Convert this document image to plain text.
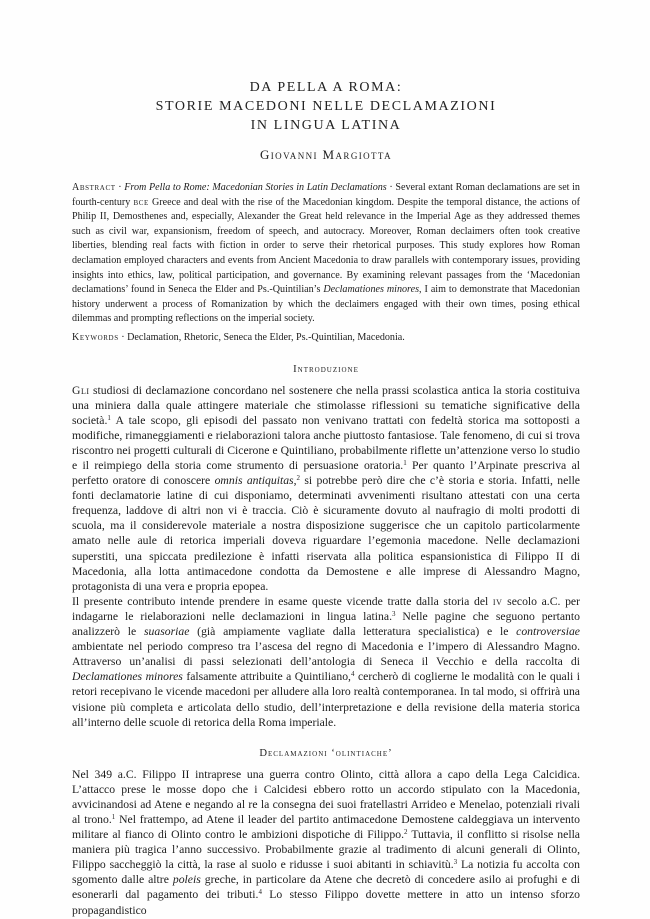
DA PELLA A ROMA:
STORIE MACEDONI NELLE DECLAMAZIONI
IN LINGUA LATINA
Giovanni Margiotta
Abstract · From Pella to Rome: Macedonian Stories in Latin Declamations · Several extant Roman declamations are set in fourth-century bce Greece and deal with the rise of the Macedonian kingdom. Despite the temporal distance, the actions of Philip II, Demosthenes and, especially, Alexander the Great held relevance in the Imperial Age as they addressed themes such as civil war, expansionism, freedom of speech, and autocracy. Moreover, Roman declaimers often took creative liberties, blending real facts with fiction in order to serve their rhetorical purposes. This study explores how Roman declamation employed characters and events from Ancient Macedonia to draw parallels with contemporary issues, providing insights into ethics, law, political participation, and governance. By examining relevant passages from the ‘Macedonian declamations’ found in Seneca the Elder and Ps.-Quintilian’s Declamationes minores, I aim to demonstrate that Macedonian history underwent a process of Romanization by which the declaimers engaged with their own times, posing ethical dilemmas and prompting reflections on the imperial society.
Keywords · Declamation, Rhetoric, Seneca the Elder, Ps.-Quintilian, Macedonia.
Introduzione

Gli studiosi di declamazione concordano nel sostenere che nella prassi scolastica antica la storia costituiva una miniera dalla quale attingere materiale che stimolasse riflessioni su tematiche significative della società.$^1$ A tale scopo, gli episodi del passato non venivano trattati con fedeltà storica ma sottoposti a modifiche, rimaneggiamenti e rielaborazioni talora anche piuttosto fantasiose. Tale fenomeno, di cui si trova riscontro nei progetti culturali di Cicerone e Quintiliano, probabilmente riflette un’attenzione verso lo studio e il reimpiego della storia come strumento di persuasione oratoria.$^1$ Per quanto l’Arpinate prescriva al perfetto oratore di conoscere omnis antiquitas,$^2$ si potrebbe però dire che c’è storia e storia. Infatti, nelle fonti declamatorie latine di cui disponiamo, determinati avvenimenti risultano attestati con una certa frequenza, laddove di altri non vi è traccia. Ciò è sicuramente dovuto al naufragio di molti prodotti di scuola, ma il considerevole materiale a nostra disposizione suggerisce che un capitolo particolarmente amato nelle aule di retorica imperiali doveva riguardare l’egemonia macedone. Nelle declamazioni superstiti, una spiccata predilezione è infatti riservata alla politica espansionistica di Filippo II di Macedonia, alla lotta antimacedone condotta da Demostene e alle imprese di Alessandro Magno, protagonista di una vera e propria epopea.

Il presente contributo intende prendere in esame queste vicende tratte dalla storia del iv secolo a.C. per indagarne le rielaborazioni nelle declamazioni in lingua latina.$^3$ Nelle pagine che seguono pertanto analizzerò le suasoriae (già ampiamente vagliate dalla letteratura specialistica) e le controversiae ambientate nel periodo compreso tra l’ascesa del regno di Macedonia e l’impero di Alessandro Magno. Attraverso un’analisi di passi selezionati dell’antologia di Seneca il Vecchio e della raccolta di Declamationes minores falsamente attribuite a Quintiliano,$^4$ cercherò di coglierne le modalità con le quali i retori recepivano le vicende macedoni per alludere alla loro realtà contemporanea. In tal modo, si offrirà una visione più completa e articolata dello studio, dell’interpretazione e della revisione della materia storica all’interno delle scuole di retorica della Roma imperiale.

Declamazioni ‘olintiache’

Nel 349 a.C. Filippo II intraprese una guerra contro Olinto, città allora a capo della Lega Calcidica. L’attacco prese le mosse dopo che i Calcidesi ebbero rotto un accordo stipulato con la Macedonia, avvicinandosi ad Atene e negando al re la consegna dei suoi fratellastri Arrideo e Menelao, potenziali rivali al trono.$^1$ Nel frattempo, ad Atene il leader del partito antimacedone Demostene caldeggiava un intervento militare al fianco di Olinto contro le ambizioni dispotiche di Filippo.$^2$ Tuttavia, il conflitto si risolse nella maniera più tragica l’anno successivo. Probabilmente grazie al tradimento di alcuni generali di Olinto, Filippo saccheggiò la città, la rase al suolo e ridusse i suoi abitanti in schiavitù.$^3$ La notizia fu accolta con sgomento dalle altre poleis greche, in particolare da Atene che decretò di concedere asilo ai profughi e di esonerarli dal pagamento dei tributi.$^4$ Lo stesso Filippo dovette mettere in atto un intenso sforzo propagandistico
